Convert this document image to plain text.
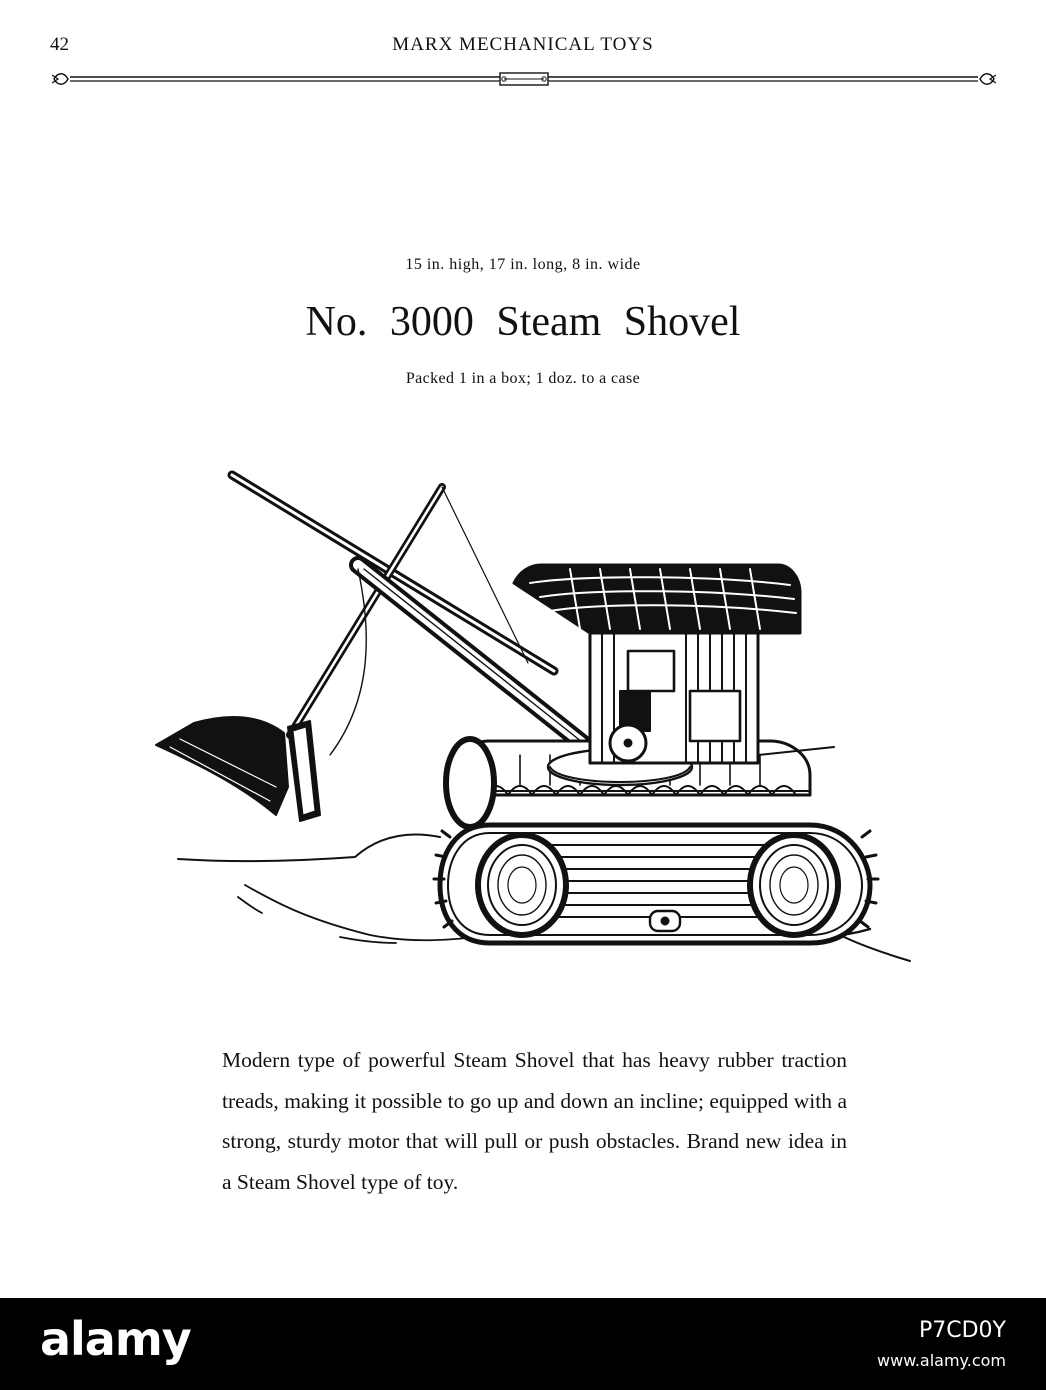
42	MARX MECHANICAL TOYS
15 in. high, 17 in. long, 8 in. wide
No. 3000 Steam Shovel
Packed 1 in a box; 1 doz. to a case
Modern type of powerful Steam Shovel that has heavy rubber traction treads, making it possible to go up and down an incline; equipped with a strong, sturdy motor that will pull or push obstacles. Brand new idea in a Steam Shovel type of toy.
alamy	P7CD0Y
www.alamy.com
